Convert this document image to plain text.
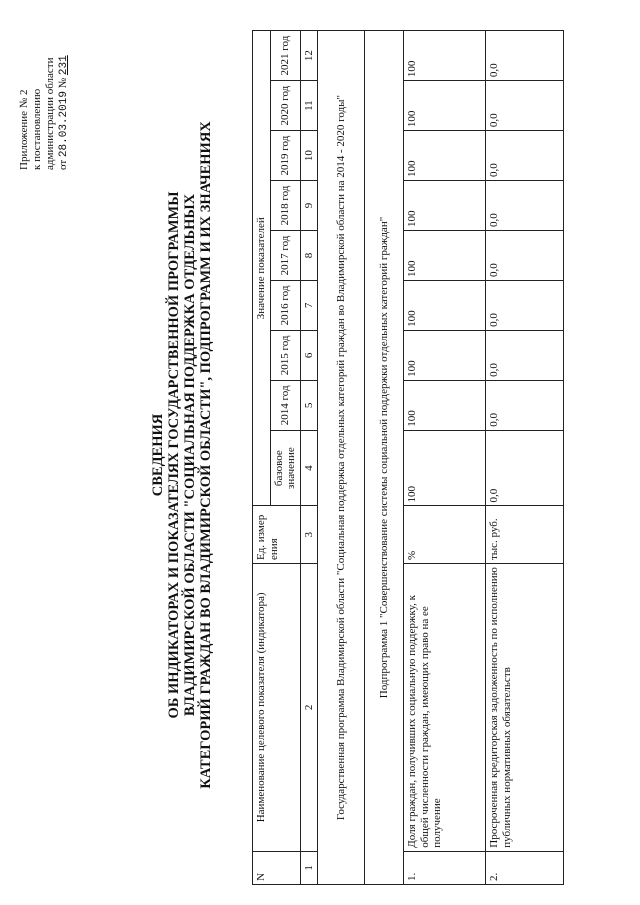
Приложение № 2 к постановлению администрации области от 28.03.2019 № 231
СВЕДЕНИЯ ОБ ИНДИКАТОРАХ И ПОКАЗАТЕЛЯХ ГОСУДАРСТВЕННОЙ ПРОГРАММЫ ВЛАДИМИРСКОЙ ОБЛАСТИ "СОЦИАЛЬНАЯ ПОДДЕРЖКА ОТДЕЛЬНЫХ КАТЕГОРИЙ ГРАЖДАН ВО ВЛАДИМИРСКОЙ ОБЛАСТИ", ПОДПРОГРАММ И ИХ ЗНАЧЕНИЯХ
N	Наименование целевого показателя (индикатора)	Ед. измер ения	Значение показателей								
			базовое значение	2014 год	2015 год	2016 год	2017 год	2018 год	2019 год	2020 год	2021 год
1	2	3	4	5	6	7	8	9	10	11	12
Государственная программа Владимирской области "Социальная поддержка отдельных категорий граждан во Владимирской области на 2014 - 2020 годы"											
Подпрограмма 1 "Совершенствование системы социальной поддержки отдельных категорий граждан"											
1.	Доля граждан, получивших социальную поддержку, к общей численности граждан, имеющих право на ее получение	%	100	100	100	100	100	100	100	100	100
2.	Просроченная кредиторская задолженность по исполнению публичных нормативных обязательств	тыс. руб.	0,0	0,0	0,0	0,0	0,0	0,0	0,0	0,0	0,0
